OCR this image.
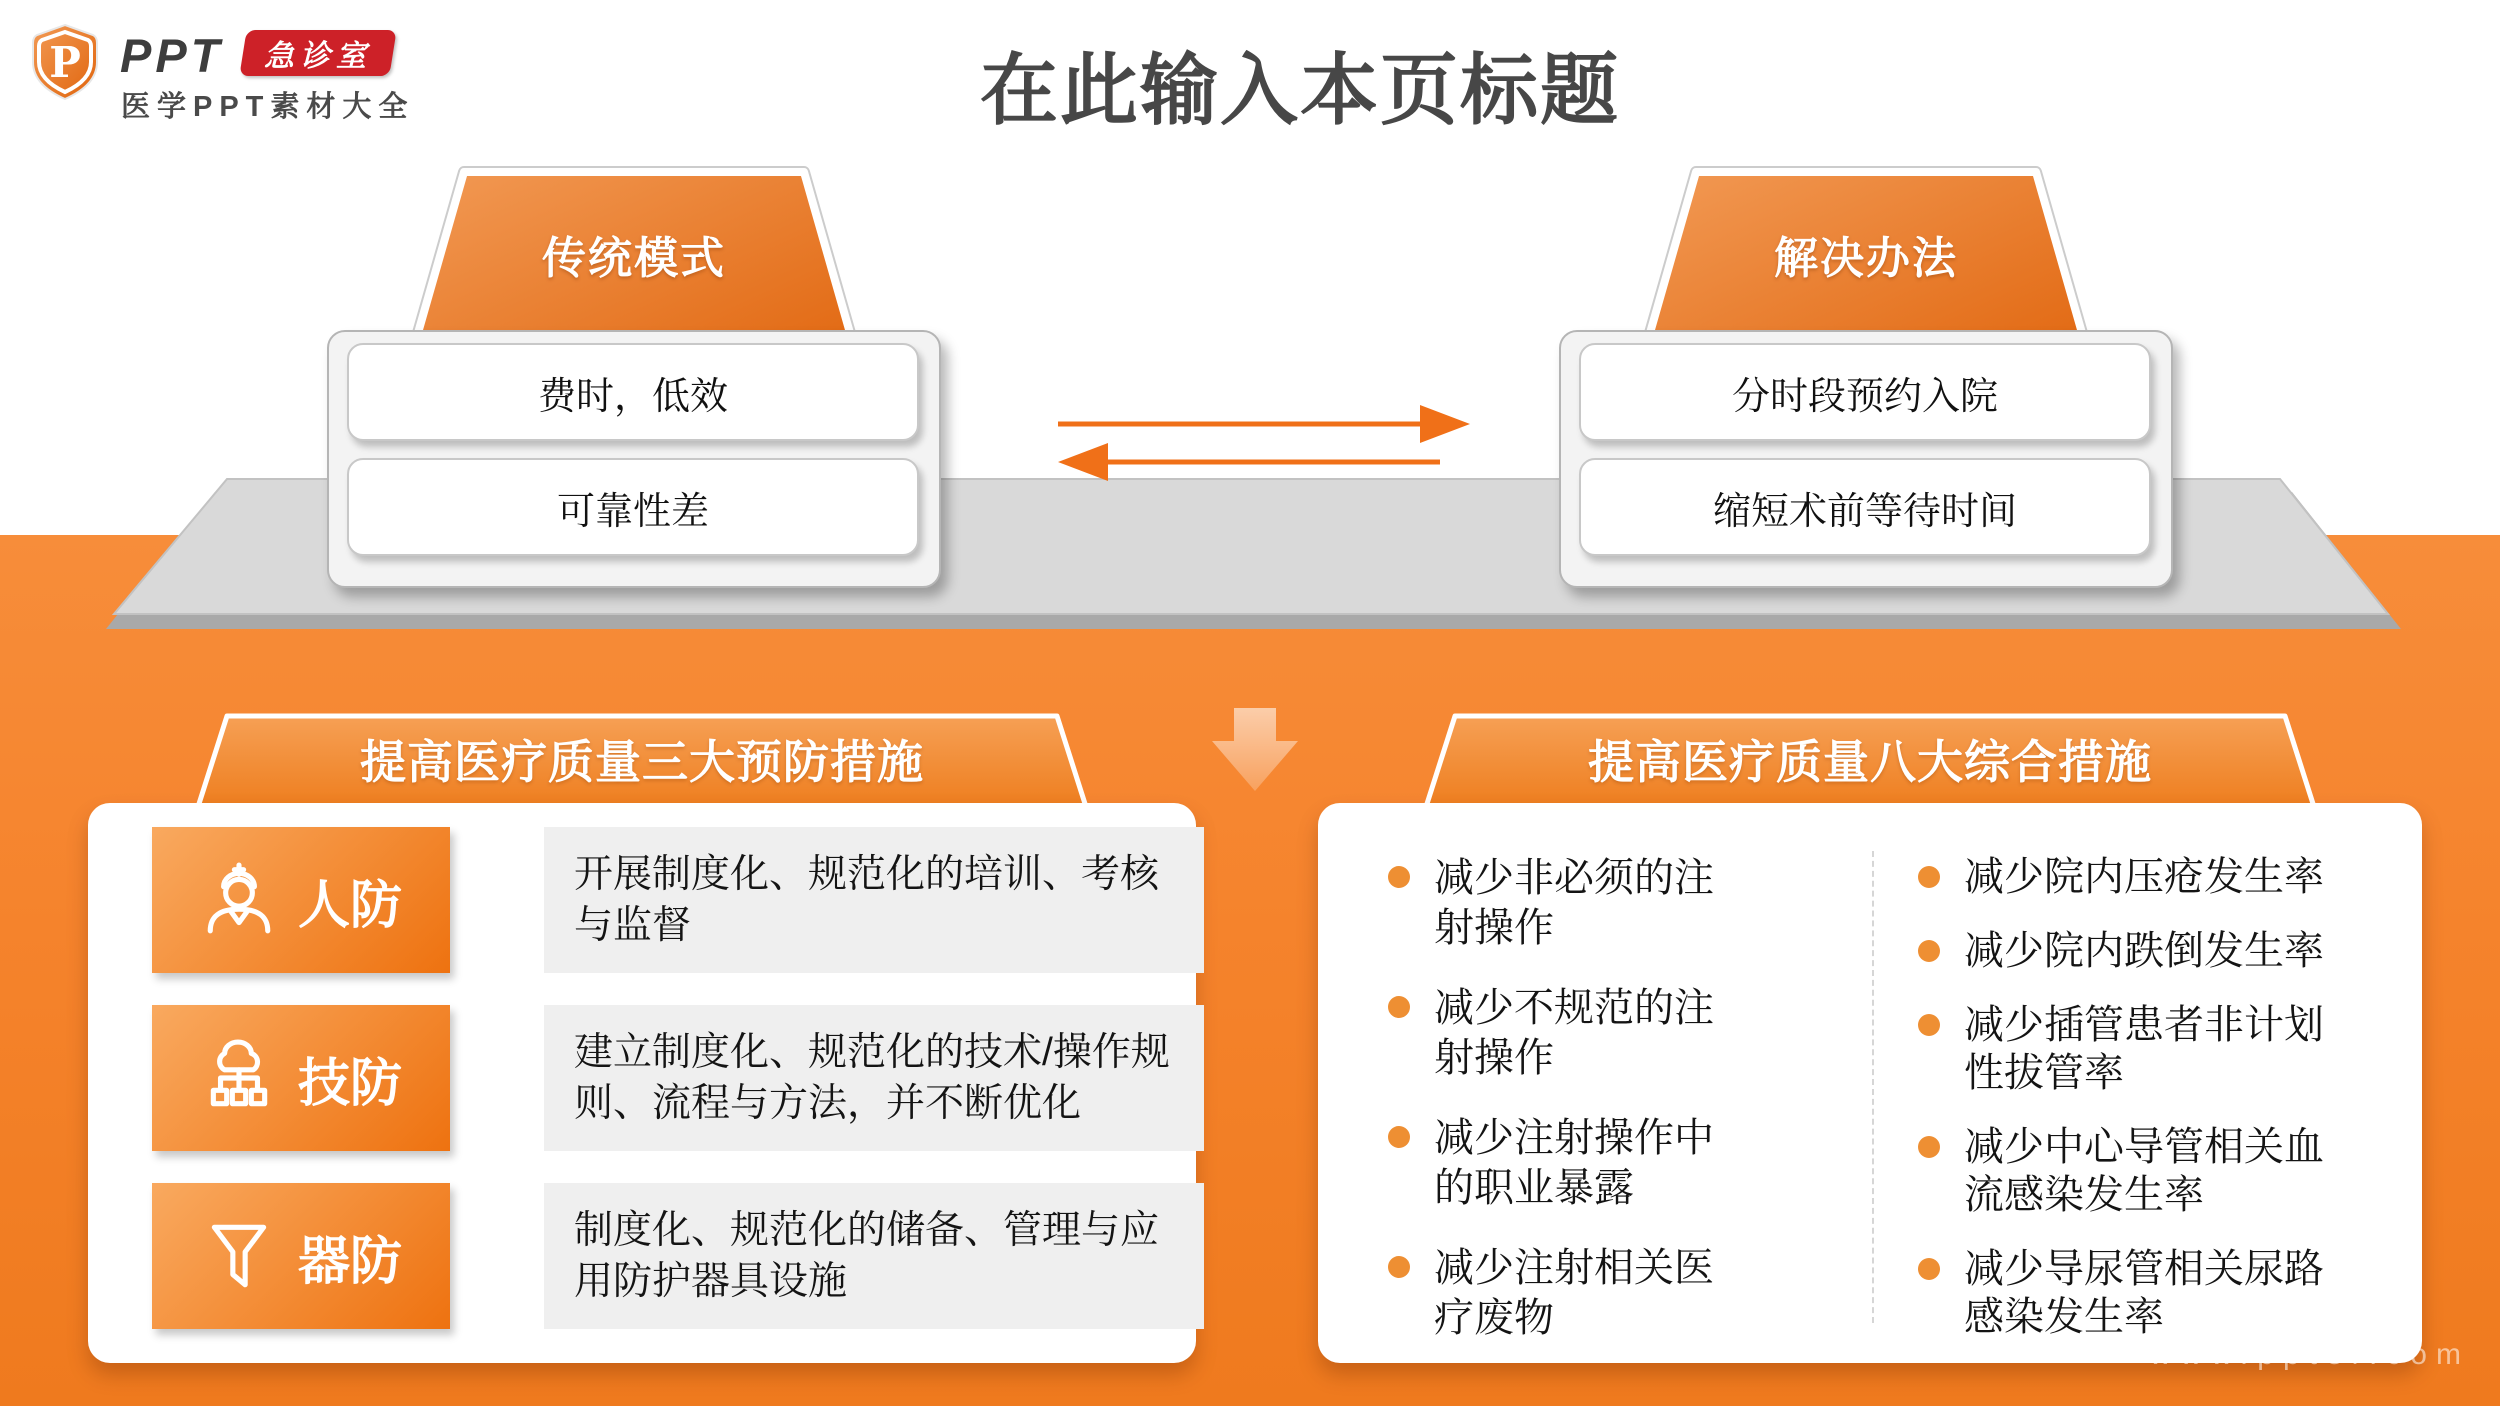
P PPT 急诊室
医学PPT素材大全	在此输入本页标题
传统模式	解决办法
费时，低效
可靠性差
分时段预约入院
缩短术前等待时间
提高医疗质量三大预防措施	提高医疗质量八大综合措施
人防
开展制度化、规范化的培训、考核与监督
技防
建立制度化、规范化的技术/操作规则、流程与方法，并不断优化
器防
制度化、规范化的储备、管理与应用防护器具设施
减少非必须的注射操作
减少不规范的注射操作
减少注射操作中的职业暴露
减少注射相关医疗废物
减少院内压疮发生率
减少院内跌倒发生率
减少插管患者非计划性拔管率
减少中心导管相关血流感染发生率
减少导尿管相关尿路感染发生率
www.ppter.com
